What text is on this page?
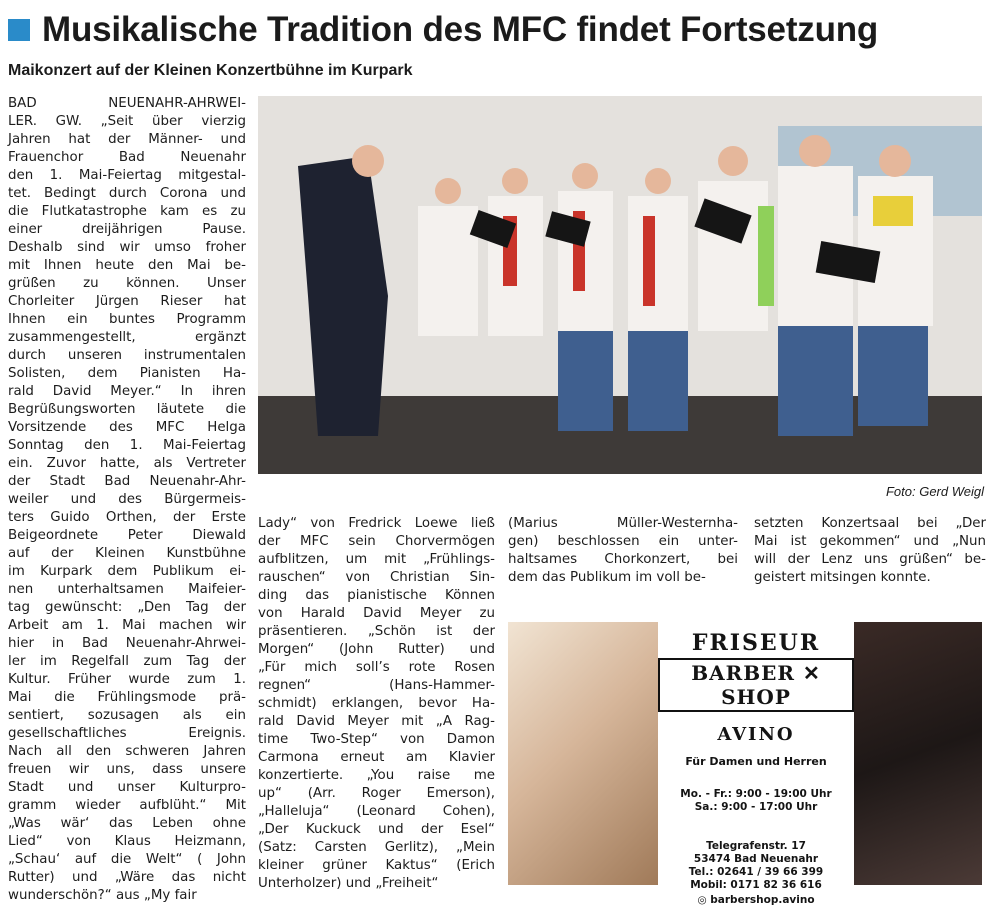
Musikalische Tradition des MFC findet Fortsetzung
Maikonzert auf der Kleinen Konzertbühne im Kurpark
BAD NEUENAHR-AHRWEI-
LER. GW. „Seit über vierzig
Jahren hat der Männer- und
Frauenchor Bad Neuenahr
den 1. Mai-Feiertag mitgestal-
tet. Bedingt durch Corona und
die Flutkatastrophe kam es zu
einer dreijährigen Pause.
Deshalb sind wir umso froher
mit Ihnen heute den Mai be-
grüßen zu können. Unser
Chorleiter Jürgen Rieser hat
Ihnen ein buntes Programm
zusammengestellt, ergänzt
durch unseren instrumentalen
Solisten, dem Pianisten Ha-
rald David Meyer.“ In ihren
Begrüßungsworten läutete die
Vorsitzende des MFC Helga
Sonntag den 1. Mai-Feiertag
ein. Zuvor hatte, als Vertreter
der Stadt Bad Neuenahr-Ahr-
weiler und des Bürgermeis-
ters Guido Orthen, der Erste
Beigeordnete Peter Diewald
auf der Kleinen Kunstbühne
im Kurpark dem Publikum ei-
nen unterhaltsamen Maifeier-
tag gewünscht: „Den Tag der
Arbeit am 1. Mai machen wir
hier in Bad Neuenahr-Ahrwei-
ler im Regelfall zum Tag der
Kultur. Früher wurde zum 1.
Mai die Frühlingsmode prä-
sentiert, sozusagen als ein
gesellschaftliches Ereignis.
Nach all den schweren Jahren
freuen wir uns, dass unsere
Stadt und unser Kulturpro-
gramm wieder aufblüht.“ Mit
„Was wär‘ das Leben ohne
Lied“ von Klaus Heizmann,
„Schau‘ auf die Welt“ ( John
Rutter) und „Wäre das nicht
wunderschön?“ aus „My fair
Foto: Gerd Weigl
Lady“ von Fredrick Loewe ließ
der MFC sein Chorvermögen
aufblitzen, um mit „Frühlings-
rauschen“ von Christian Sin-
ding das pianistische Können
von Harald David Meyer zu
präsentieren. „Schön ist der
Morgen“ (John Rutter) und
„Für mich soll’s rote Rosen
regnen“ (Hans-Hammer-
schmidt) erklangen, bevor Ha-
rald David Meyer mit „A Rag-
time Two-Step“ von Damon
Carmona erneut am Klavier
konzertierte. „You raise me
up“ (Arr. Roger Emerson),
„Halleluja“ (Leonard Cohen),
„Der Kuckuck und der Esel“
(Satz: Carsten Gerlitz), „Mein
kleiner grüner Kaktus“ (Erich
Unterholzer) und „Freiheit“
(Marius Müller-Westernha-
gen) beschlossen ein unter-
haltsames Chorkonzert, bei
dem das Publikum im voll be-
setzten Konzertsaal bei „Der
Mai ist gekommen“ und „Nun
will der Lenz uns grüßen“ be-
geistert mitsingen konnte.
FRISEUR
BARBER ✕ SHOP
AVINO
Für Damen und Herren
Mo. - Fr.: 9:00 - 19:00 Uhr
Sa.: 9:00 - 17:00 Uhr
Telegrafenstr. 17
53474 Bad Neuenahr
Tel.: 02641 / 39 66 399
Mobil: 0171 82 36 616
◎ barbershop.avino
